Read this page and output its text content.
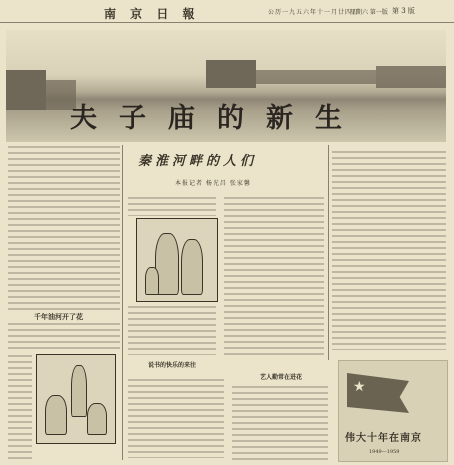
南 京 日 報	公历一九五六年十一月廿四日
星期六 第一版 第 3 版
夫子庙的新生
秦淮河畔的人们
本报记者 杨光昌 张家馨
千年油河开了花
说书的快乐的来往
艺人勤常在进花
★
伟大十年在南京
1949—1959
